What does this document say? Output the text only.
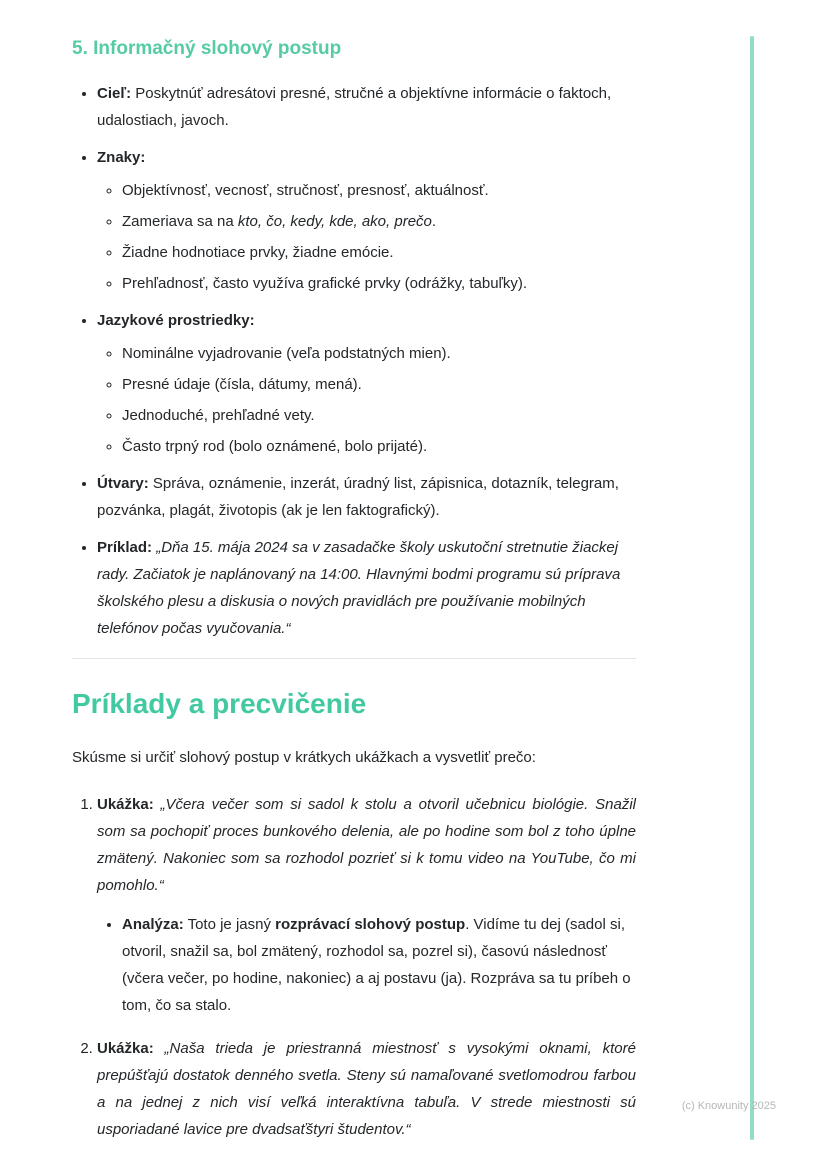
5. Informačný slohový postup
• Cieľ: Poskytnúť adresátovi presné, stručné a objektívne informácie o faktoch, udalostiach, javoch.
• Znaky:
◦ Objektívnosť, vecnosť, stručnosť, presnosť, aktuálnosť.
◦ Zameriava sa na kto, čo, kedy, kde, ako, prečo.
◦ Žiadne hodnotiace prvky, žiadne emócie.
◦ Prehľadnosť, často využíva grafické prvky (odrážky, tabuľky).
• Jazykové prostriedky:
◦ Nominálne vyjadrovanie (veľa podstatných mien).
◦ Presné údaje (čísla, dátumy, mená).
◦ Jednoduché, prehľadné vety.
◦ Často trpný rod (bolo oznámené, bolo prijaté).
• Útvary: Správa, oznámenie, inzerát, úradný list, zápisnica, dotazník, telegram, pozvánka, plagát, životopis (ak je len faktografický).
• Príklad: „Dňa 15. mája 2024 sa v zasadačke školy uskutoční stretnutie žiackej rady. Začiatok je naplánovaný na 14:00. Hlavnými bodmi programu sú príprava školského plesu a diskusia o nových pravidlách pre používanie mobilných telefónov počas vyučovania.“
Príklady a precvičenie

Skúsme si určiť slohový postup v krátkych ukážkach a vysvetliť prečo:

1. Ukážka: „Včera večer som si sadol k stolu a otvoril učebnicu biológie. Snažil som sa pochopiť proces bunkového delenia, ale po hodine som bol z toho úplne zmätený. Nakoniec som sa rozhodol pozrieť si k tomu video na YouTube, čo mi pomohlo.“
• Analýza: Toto je jasný rozprávací slohový postup. Vidíme tu dej (sadol si, otvoril, snažil sa, bol zmätený, rozhodol sa, pozrel si), časovú následnosť (včera večer, po hodine, nakoniec) a aj postavu (ja). Rozpráva sa tu príbeh o tom, čo sa stalo.
2. Ukážka: „Naša trieda je priestranná miestnosť s vysokými oknami, ktoré prepúšťajú dostatok denného svetla. Steny sú namaľované svetlomodrou farbou a na jednej z nich visí veľká interaktívna tabuľa. V strede miestnosti sú usporiadané lavice pre dvadsaťštyri študentov.“
(c) Knowunity 2025
